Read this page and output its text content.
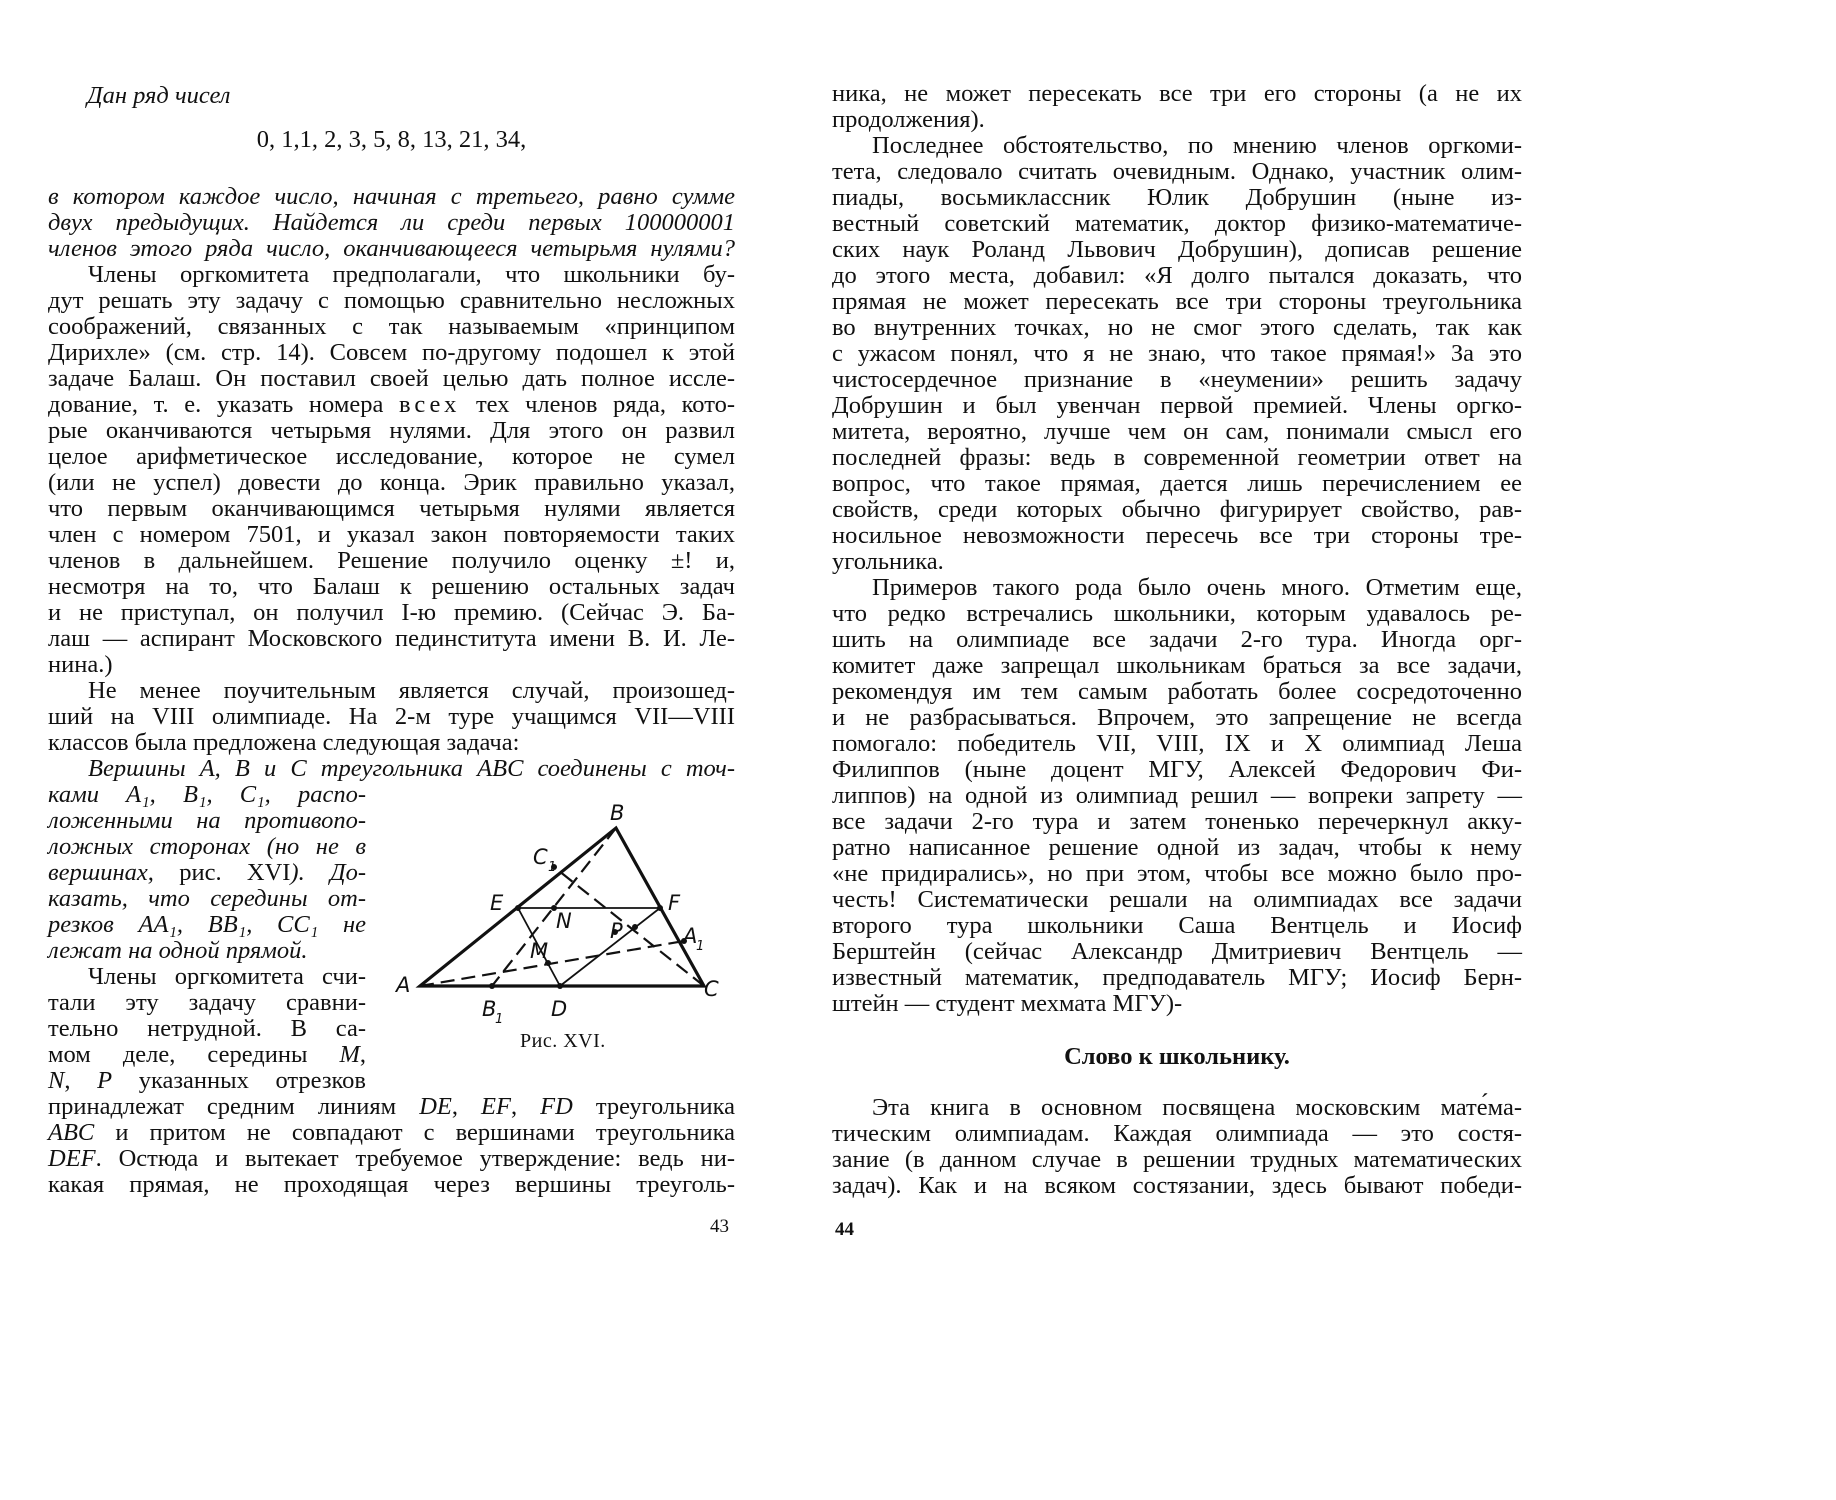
Дан ряд чисел
0, 1,1, 2, 3, 5, 8, 13, 21, 34,
в котором каждое число, начиная с третьего, равно сумме
двух предыдущих. Найдется ли среди первых 100000001
членов этого ряда число, оканчивающееся четырьмя нулями?
Члены оргкомитета предполагали, что школьники бу-
дут решать эту задачу с помощью сравнительно несложных
соображений, связанных с так называемым «принципом
Дирихле» (см. стр. 14). Совсем по-другому подошел к этой
задаче Балаш. Он поставил своей целью дать полное иссле-
дование, т. е. указать номера всех тех членов ряда, кото-
рые оканчиваются четырьмя нулями. Для этого он развил
целое арифметическое исследование, которое не сумел
(или не успел) довести до конца. Эрик правильно указал,
что первым оканчивающимся четырьмя нулями является
член с номером 7501, и указал закон повторяемости таких
членов в дальнейшем. Решение получило оценку ±! и,
несмотря на то, что Балаш к решению остальных задач
и не приступал, он получил I-ю премию. (Сейчас Э. Ба-
лаш — аспирант Московского пединститута имени В. И. Ле-
нина.)
Не менее поучительным является случай, произошед-
ший на VIII олимпиаде. На 2-м туре учащимся VII—VIII
классов была предложена следующая задача:
Вершины A, B и C треугольника ABC соединены с точ-
ками A₁, B₁, C₁, распо-
ложенными на противопо-
ложных сторонах (но не в
вершинах, рис. XVI). До-
казать, что середины от-
резков AA₁, BB₁, CC₁ не
лежат на одной прямой.
Члены оргкомитета счи-
тали эту задачу сравни-
тельно нетрудной. В са-
мом деле, середины M,
N, P указанных отрезков
принадлежат средним линиям DE, EF, FD треугольника
ABC и притом не совпадают с вершинами треугольника
DEF. Остюда и вытекает требуемое утверждение: ведь ни-
какая прямая, не проходящая через вершины треуголь-
B
C 1
E	F
N
M
P	A
1
A	C
B
1 D
Рис. XVI.
43
ника, не может пересекать все три его стороны (а не их
продолжения).
Последнее обстоятельство, по мнению членов оргкоми-
тета, следовало считать очевидным. Однако, участник олим-
пиады, восьмиклассник Юлик Добрушин (ныне из-
вестный советский математик, доктор физико-математиче-
ских наук Роланд Львович Добрушин), дописав решение
до этого места, добавил: «Я долго пытался доказать, что
прямая не может пересекать все три стороны треугольника
во внутренних точках, но не смог этого сделать, так как
с ужасом понял, что я не знаю, что такое прямая!» За это
чистосердечное признание в «неумении» решить задачу
Добрушин и был увенчан первой премией. Члены оргко-
митета, вероятно, лучше чем он сам, понимали смысл его
последней фразы: ведь в современной геометрии ответ на
вопрос, что такое прямая, дается лишь перечислением ее
свойств, среди которых обычно фигурирует свойство, рав-
носильное невозможности пересечь все три стороны тре-
угольника.
Примеров такого рода было очень много. Отметим еще,
что редко встречались школьники, которым удавалось ре-
шить на олимпиаде все задачи 2-го тура. Иногда орг-
комитет даже запрещал школьникам браться за все задачи,
рекомендуя им тем самым работать более сосредоточенно
и не разбрасываться. Впрочем, это запрещение не всегда
помогало: победитель VII, VIII, IX и X олимпиад Леша
Филиппов (ныне доцент МГУ, Алексей Федорович Фи-
липпов) на одной из олимпиад решил — вопреки запрету —
все задачи 2-го тура и затем тоненько перечеркнул акку-
ратно написанное решение одной из задач, чтобы к нему
«не придирались», но при этом, чтобы все можно было про-
честь! Систематически решали на олимпиадах все задачи
второго тура школьники Саша Вентцель и Иосиф
Берштейн (сейчас Александр Дмитриевич Вентцель —
известный математик, предподаватель МГУ; Иосиф Берн-
штейн — студент мехмата МГУ)-
Слово к школьнику.
Эта книга в основном посвящена московским мате́ма-
тическим олимпиадам. Каждая олимпиада — это состя-
зание (в данном случае в решении трудных математических
задач). Как и на всяком состязании, здесь бывают победи-
44
